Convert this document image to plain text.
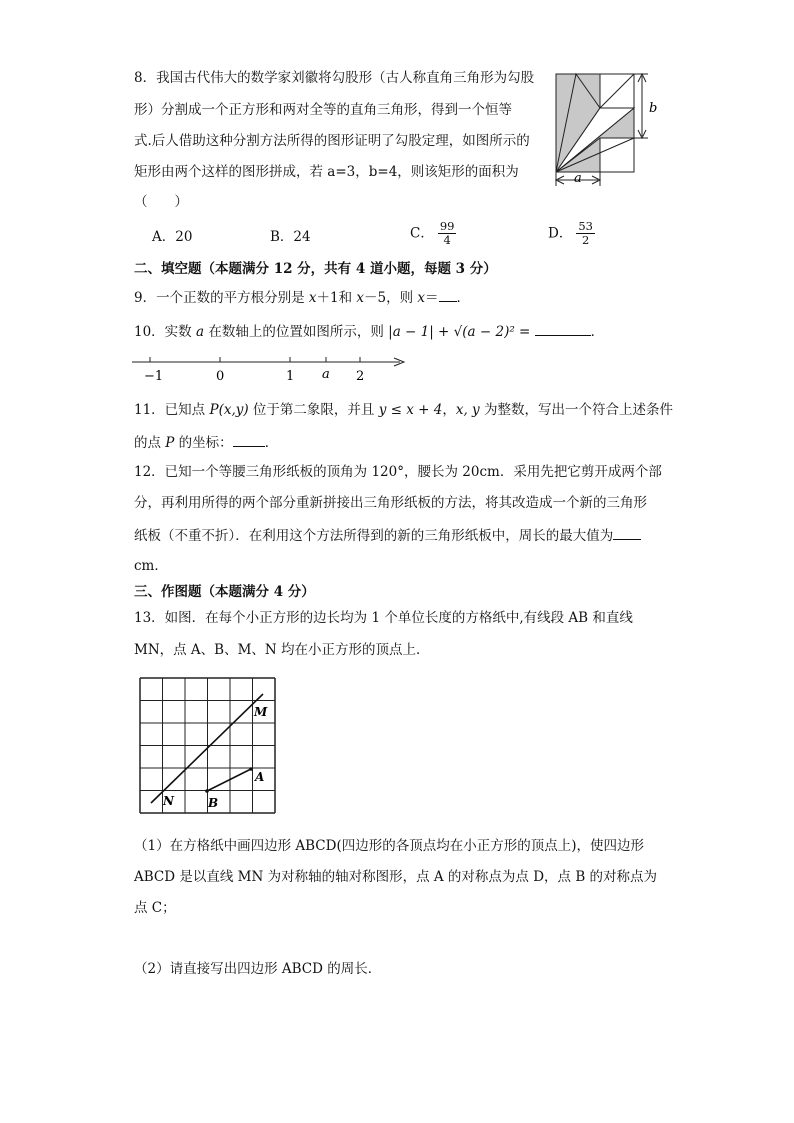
8．我国古代伟大的数学家刘徽将勾股形（古人称直角三角形为勾股
形）分割成一个正方形和两对全等的直角三角形，得到一个恒等
式.后人借助这种分割方法所得的图形证明了勾股定理，如图所示的
矩形由两个这样的图形拼成，若 a=3，b=4，则该矩形的面积为
（　　）
b
a
A．20	B．24	C． $\frac{99}{4}$	D． $\frac{53}{2}$
二、填空题（本题满分 12 分，共有 4 道小题，每题 3 分）
9．一个正数的平方根分别是 x＋1和 x－5，则 x＝ ．
10．实数 a 在数轴上的位置如图所示，则 |a − 1| + √(a − 2)² =	．
−1	0	1 a 2
11．已知点 P(x,y) 位于第二象限，并且 y ≤ x + 4，x, y 为整数，写出一个符合上述条件
的点 P 的坐标： ．
12．已知一个等腰三角形纸板的顶角为 120°，腰长为 20cm．采用先把它剪开成两个部
分，再利用所得的两个部分重新拼接出三角形纸板的方法，将其改造成一个新的三角形
纸板（不重不折）．在利用这个方法所得到的新的三角形纸板中，周长的最大值为
cm．
三、作图题（本题满分 4 分）
13．如图．在每个小正方形的边长均为 1 个单位长度的方格纸中,有线段 AB 和直线
MN，点 A、B、M、N 均在小正方形的顶点上．
M
N
A
B
（1）在方格纸中画四边形 ABCD(四边形的各顶点均在小正方形的顶点上)，使四边形
ABCD 是以直线 MN 为对称轴的轴对称图形，点 A 的对称点为点 D，点 B 的对称点为
点 C；
（2）请直接写出四边形 ABCD 的周长．
